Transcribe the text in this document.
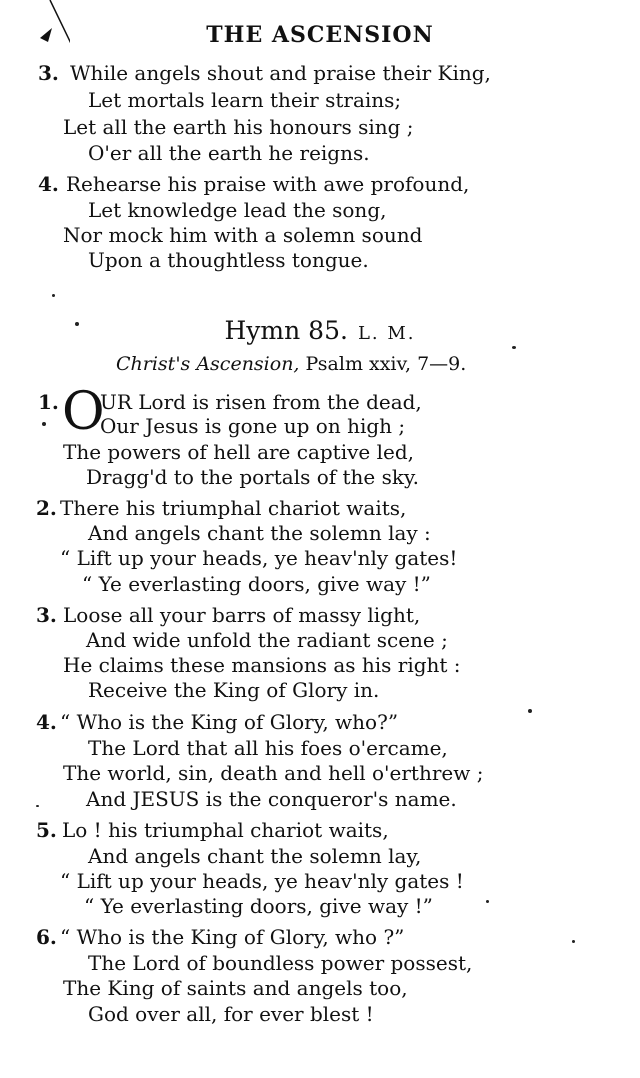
THE ASCENSION
3. While angels shout and praise their King,
Let mortals learn their strains;
Let all the earth his honours sing ;
O'er all the earth he reigns.
4. Rehearse his praise with awe profound,
Let knowledge lead the song,
Nor mock him with a solemn sound
Upon a thoughtless tongue.
Hymn 85. L. M.
Christ's Ascension, Psalm xxiv, 7—9.
1. O
UR Lord is risen from the dead,
Our Jesus is gone up on high ;
The powers of hell are captive led,
Dragg'd to the portals of the sky.
2. There his triumphal chariot waits,
And angels chant the solemn lay :
“ Lift up your heads, ye heav'nly gates!
“ Ye everlasting doors, give way !”
3. Loose all your barrs of massy light,
And wide unfold the radiant scene ;
He claims these mansions as his right :
Receive the King of Glory in.
4. “ Who is the King of Glory, who?”
The Lord that all his foes o'ercame,
The world, sin, death and hell o'erthrew ;
And JESUS is the conqueror's name.
5. Lo ! his triumphal chariot waits,
And angels chant the solemn lay,
“ Lift up your heads, ye heav'nly gates !
“ Ye everlasting doors, give way !”
6. “ Who is the King of Glory, who ?”
The Lord of boundless power possest,
The King of saints and angels too,
God over all, for ever blest !
